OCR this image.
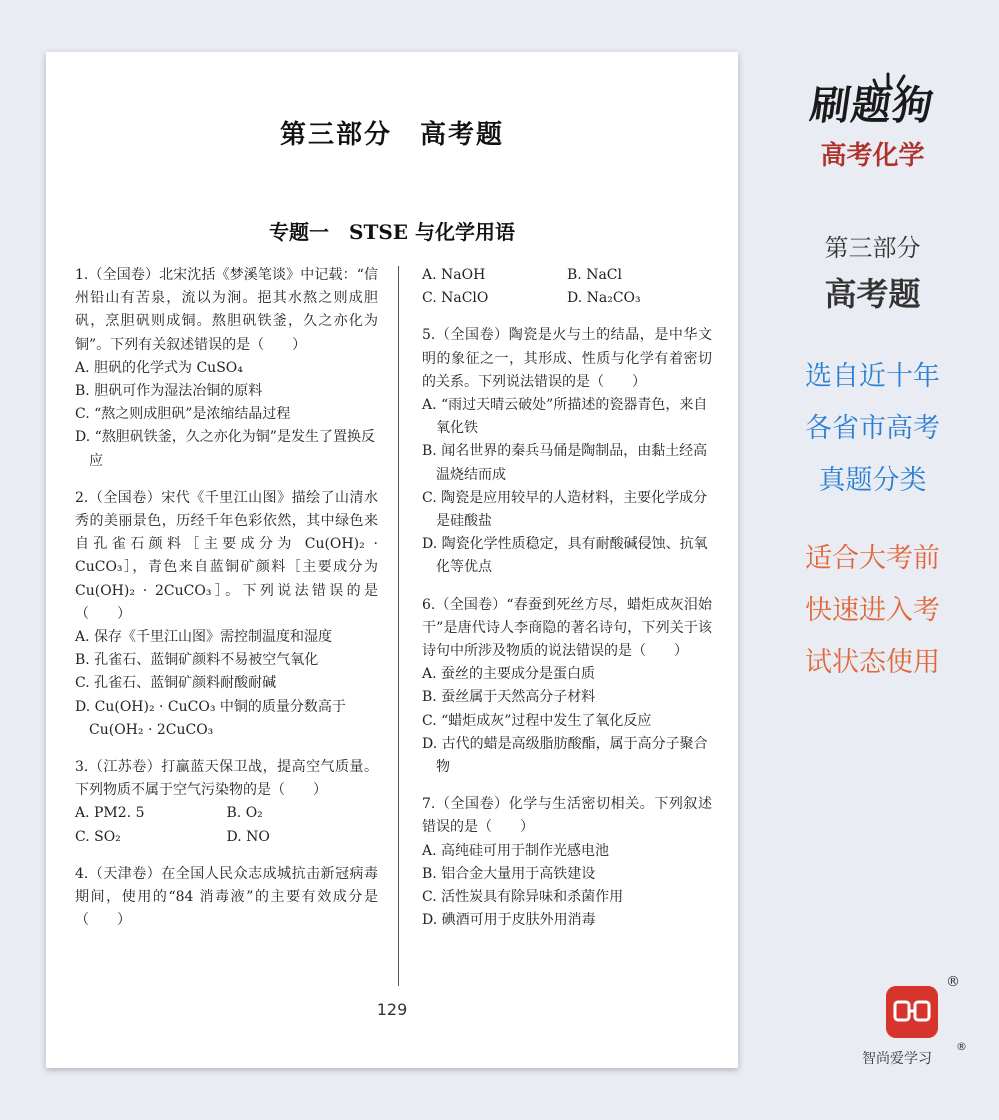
第三部分　高考题
专题一　STSE 与化学用语
1.（全国卷）北宋沈括《梦溪笔谈》中记载：“信州铅山有苦泉，流以为涧。挹其水熬之则成胆矾，烹胆矾则成铜。熬胆矾铁釜，久之亦化为铜”。下列有关叙述错误的是（　　）
A. 胆矾的化学式为 CuSO₄
B. 胆矾可作为湿法冶铜的原料
C. “熬之则成胆矾”是浓缩结晶过程
D. “熬胆矾铁釜，久之亦化为铜”是发生了置换反应
2.（全国卷）宋代《千里江山图》描绘了山清水秀的美丽景色，历经千年色彩依然，其中绿色来自孔雀石颜料［主要成分为 Cu(OH)₂ · CuCO₃］，青色来自蓝铜矿颜料［主要成分为 Cu(OH)₂ · 2CuCO₃］。下列说法错误的是（　　）
A. 保存《千里江山图》需控制温度和湿度
B. 孔雀石、蓝铜矿颜料不易被空气氧化
C. 孔雀石、蓝铜矿颜料耐酸耐碱
D. Cu(OH)₂ · CuCO₃ 中铜的质量分数高于 Cu(OH₂ · 2CuCO₃
3.（江苏卷）打赢蓝天保卫战，提高空气质量。下列物质不属于空气污染物的是（　　）
A. PM2. 5	B. O₂
C. SO₂	D. NO
4.（天津卷）在全国人民众志成城抗击新冠病毒期间，使用的“84 消毒液”的主要有效成分是（　　）
A. NaOH	B. NaCl
C. NaClO	D. Na₂CO₃
5.（全国卷）陶瓷是火与土的结晶，是中华文明的象征之一，其形成、性质与化学有着密切的关系。下列说法错误的是（　　）
A. “雨过天晴云破处”所描述的瓷器青色，来自氧化铁
B. 闻名世界的秦兵马俑是陶制品，由黏土经高温烧结而成
C. 陶瓷是应用较早的人造材料，主要化学成分是硅酸盐
D. 陶瓷化学性质稳定，具有耐酸碱侵蚀、抗氧化等优点
6.（全国卷）“春蚕到死丝方尽，蜡炬成灰泪始干”是唐代诗人李商隐的著名诗句，下列关于该诗句中所涉及物质的说法错误的是（　　）
A. 蚕丝的主要成分是蛋白质
B. 蚕丝属于天然高分子材料
C. “蜡炬成灰”过程中发生了氧化反应
D. 古代的蜡是高级脂肪酸酯，属于高分子聚合物
7.（全国卷）化学与生活密切相关。下列叙述错误的是（　　）
A. 高纯硅可用于制作光感电池
B. 铝合金大量用于高铁建设
C. 活性炭具有除异味和杀菌作用
D. 碘酒可用于皮肤外用消毒
129
刷题狗
高考化学
第三部分
高考题
选自近十年
各省市高考
真题分类
适合大考前
快速进入考
试状态使用
®
智尚爱学习
®
